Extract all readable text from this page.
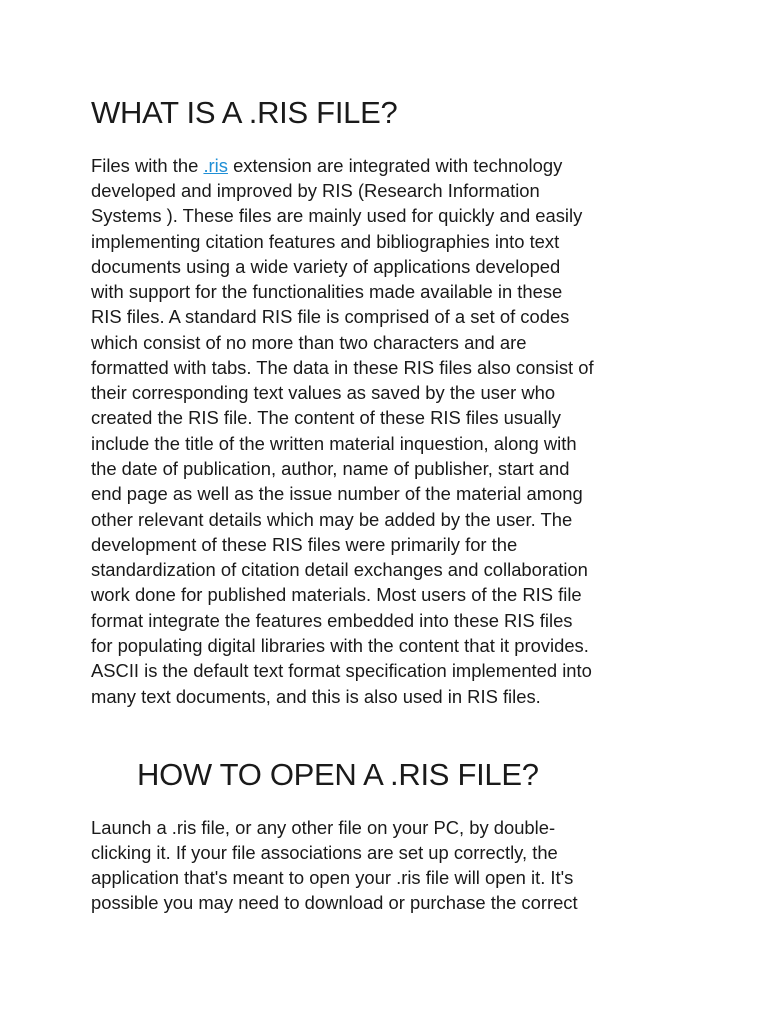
WHAT IS A .RIS FILE?

Files with the .ris extension are integrated with technology

developed and improved by RIS (Research Information

Systems ). These files are mainly used for quickly and easily

implementing citation features and bibliographies into text

documents using a wide variety of applications developed

with support for the functionalities made available in these

RIS files. A standard RIS file is comprised of a set of codes

which consist of no more than two characters and are

formatted with tabs. The data in these RIS files also consist of

their corresponding text values as saved by the user who

created the RIS file. The content of these RIS files usually

include the title of the written material inquestion, along with

the date of publication, author, name of publisher, start and

end page as well as the issue number of the material among

other relevant details which may be added by the user. The

development of these RIS files were primarily for the

standardization of citation detail exchanges and collaboration

work done for published materials. Most users of the RIS file

format integrate the features embedded into these RIS files

for populating digital libraries with the content that it provides.

ASCII is the default text format specification implemented into

many text documents, and this is also used in RIS files.

HOW TO OPEN A .RIS FILE?

Launch a .ris file, or any other file on your PC, by double-

clicking it. If your file associations are set up correctly, the

application that's meant to open your .ris file will open it. It's

possible you may need to download or purchase the correct
